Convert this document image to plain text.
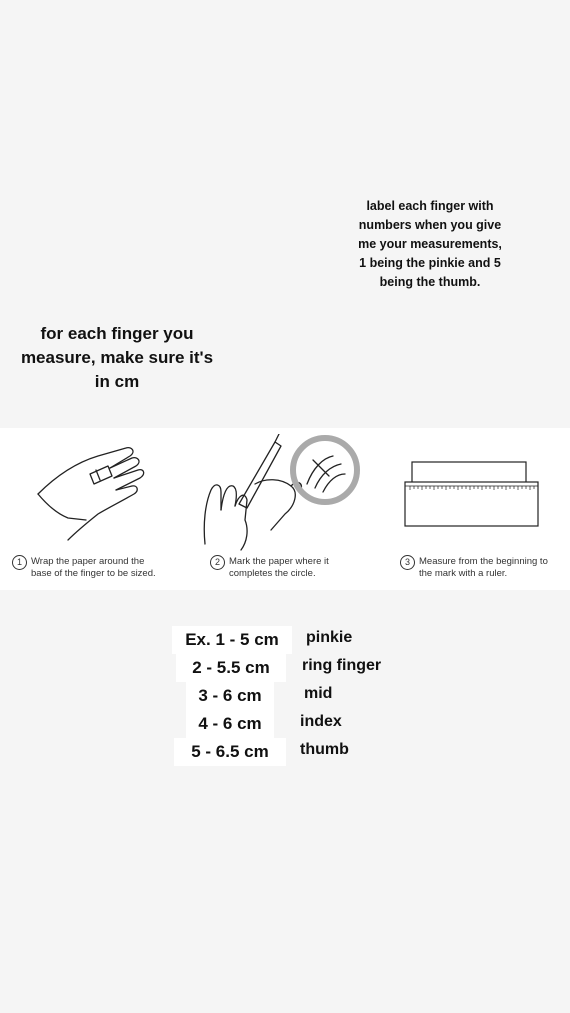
label each finger with
numbers when you give
me your measurements,
1 being the pinkie and 5
being the thumb.
for each finger you
measure, make sure it's
in cm
1 Wrap the paper around the
base of the finger to be sized.
2 Mark the paper where it
completes the circle.
3 Measure from the beginning to
the mark with a ruler.
Ex. 1 - 5 cm	pinkie
2 - 5.5 cm	ring finger
3 - 6 cm	mid
4 - 6 cm	index
5 - 6.5 cm	thumb
